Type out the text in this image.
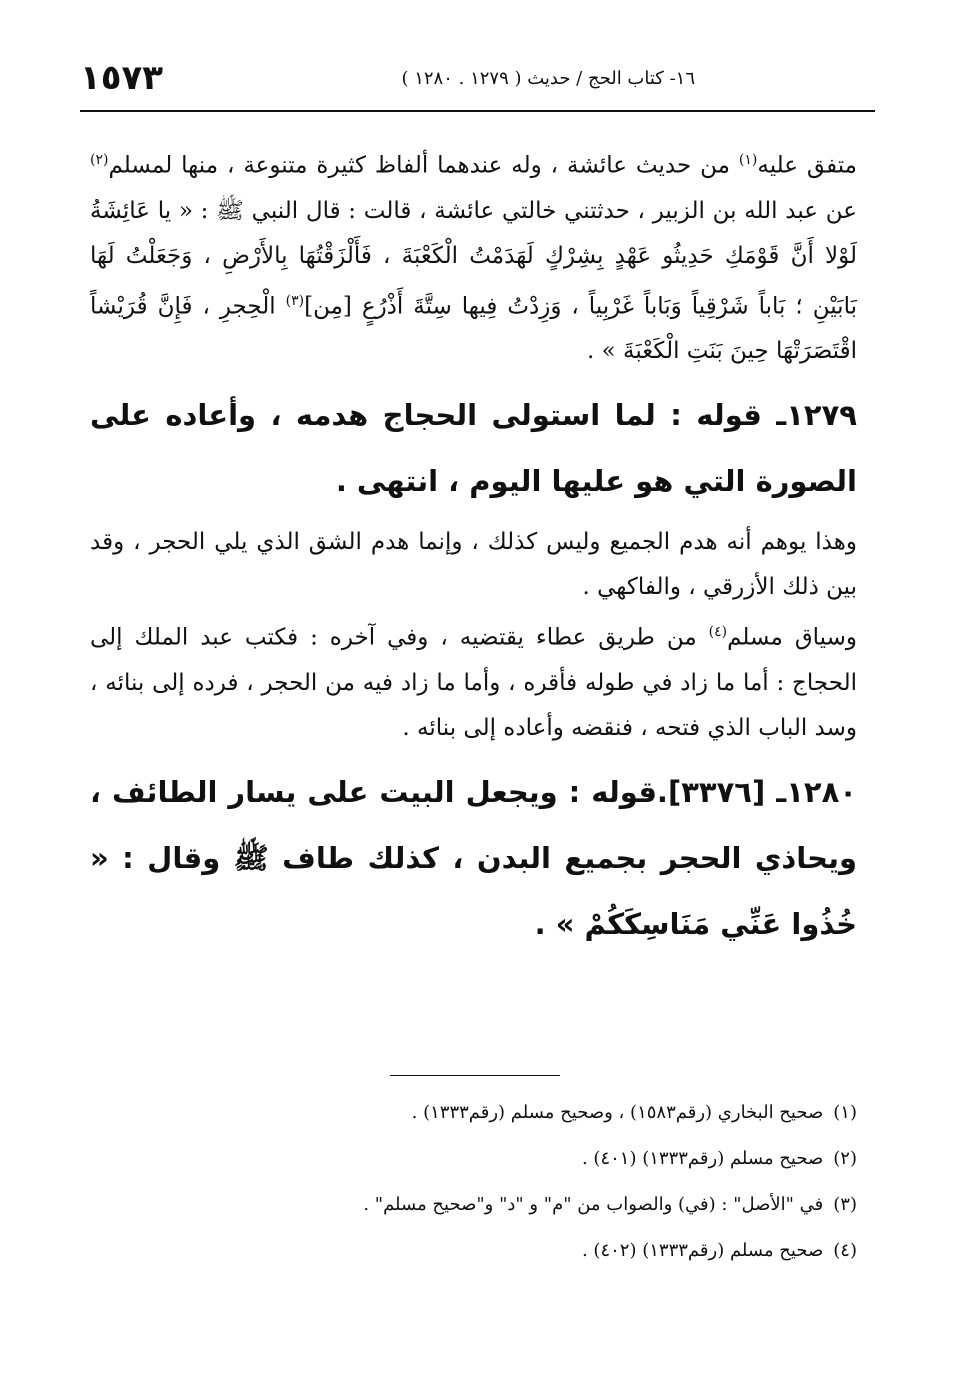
١٥٧٣	١٦- كتاب الحج / حديث ( ١٢٧٩ . ١٢٨٠ )

متفق عليه$^{(١)}$ من حديث عائشة ، وله عندهما ألفاظ كثيرة متنوعة ، منها لمسلم$^{(٢)}$ عن عبد الله بن الزبير ، حدثتني خالتي عائشة ، قالت : قال النبي ﷺ : « يا عَائِشَةُ لَوْلا أَنَّ قَوْمَكِ حَدِيثُو عَهْدٍ بِشِرْكٍ لَهَدَمْتُ الْكَعْبَةَ ، فَأَلْزَقْتُهَا بِالأَرْضِ ، وَجَعَلْتُ لَهَا بَابَيْنِ ؛ بَاباً شَرْقِياً وَبَاباً غَرْبِياً ، وَزِدْتُ فِيها سِتَّةَ أَذْرُعٍ [مِن]$^{(٣)}$ الْحِجرِ ، فَإِنَّ قُرَيْشاً اقْتَصَرَتْهَا حِينَ بَنَتِ الْكَعْبَةَ » .

١٢٧٩ـ قوله : لما استولى الحجاج هدمه ، وأعاده على الصورة التي هو عليها اليوم ، انتهى .

وهذا يوهم أنه هدم الجميع وليس كذلك ، وإنما هدم الشق الذي يلي الحجر ، وقد بين ذلك الأزرقي ، والفاكهي .

وسياق مسلم$^{(٤)}$ من طريق عطاء يقتضيه ، وفي آخره : فكتب عبد الملك إلى الحجاج : أما ما زاد في طوله فأقره ، وأما ما زاد فيه من الحجر ، فرده إلى بنائه ، وسد الباب الذي فتحه ، فنقضه وأعاده إلى بنائه .

١٢٨٠ـ [٣٣٧٦].قوله : ويجعل البيت على يسار الطائف ، ويحاذي الحجر بجميع البدن ، كذلك طاف ﷺ وقال : « خُذُوا عَنِّي مَنَاسِكَكُمْ » .

(١)صحيح البخاري (رقم١٥٨٣) ، وصحيح مسلم (رقم١٣٣٣) .

(٢)صحيح مسلم (رقم١٣٣٣) (٤٠١) .

(٣)في "الأصل" : (في) والصواب من "م" و "د" و"صحيح مسلم" .

(٤)صحيح مسلم (رقم١٣٣٣) (٤٠٢) .
